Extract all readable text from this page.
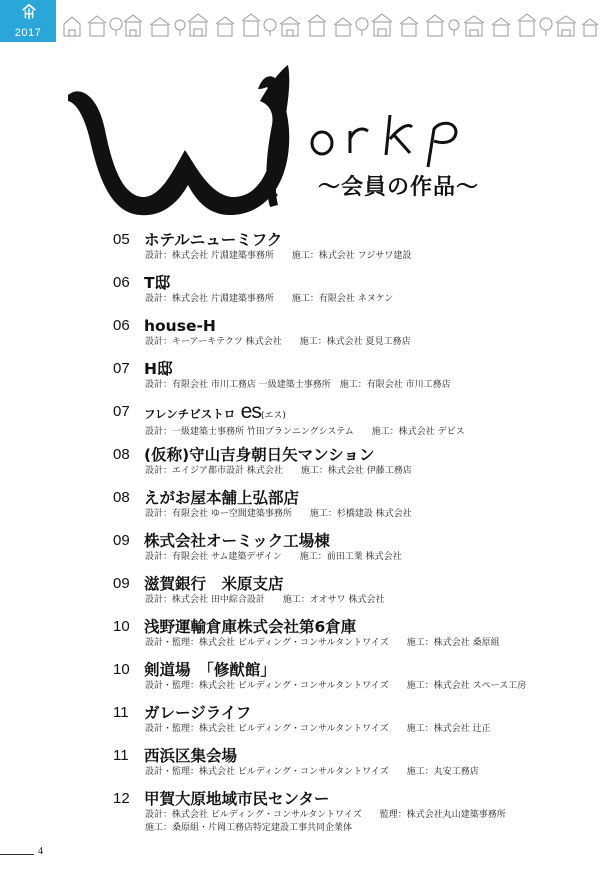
2017
〜会員の作品〜
05 ホテルニューミフク
設計：株式会社 片淵建築事務所　　施工：株式会社 フジサワ建設
06 T邸
設計：株式会社 片淵建築事務所　　施工：有限会社 ネヌケン
06 house-H
設計：キーアーキテクツ 株式会社　　施工：株式会社 夏見工務店
07 H邸
設計：有限会社 市川工務店 一級建築士事務所　施工：有限会社 市川工務店
07	フレンチビストロ es(エス)
設計：一級建築士事務所 竹田プランニングシステム　　施工：株式会社 デビス
08 (仮称)守山吉身朝日矢マンション
設計：エイジア都市設計 株式会社　　施工：株式会社 伊藤工務店
08 えがお屋本舗上弘部店
設計：有限会社 ゆー空間建築事務所　　施工：杉橋建設 株式会社
09 株式会社オーミック工場棟
設計：有限会社 サム建築デザイン　　施工：前田工業 株式会社
09 滋賀銀行　米原支店
設計：株式会社 田中綜合設計　　施工：オオサワ 株式会社
10 浅野運輸倉庫株式会社第6倉庫
設計・監理：株式会社 ビルディング・コンサルタントワイズ　　施工：株式会社 桑原組
10 剣道場　「修猷館」
設計・監理：株式会社 ビルディング・コンサルタントワイズ　　施工：株式会社 スペース工房
11 ガレージライフ
設計・監理：株式会社 ビルディング・コンサルタントワイズ　　施工：株式会社 辻正
11 西浜区集会場
設計・監理：株式会社 ビルディング・コンサルタントワイズ　　施工：丸安工務店
12 甲賀大原地域市民センター
設計：株式会社 ビルディング・コンサルタントワイズ　　監理：株式会社丸山建築事務所
施工：桑原組・片岡工務店特定建設工事共同企業体
4
